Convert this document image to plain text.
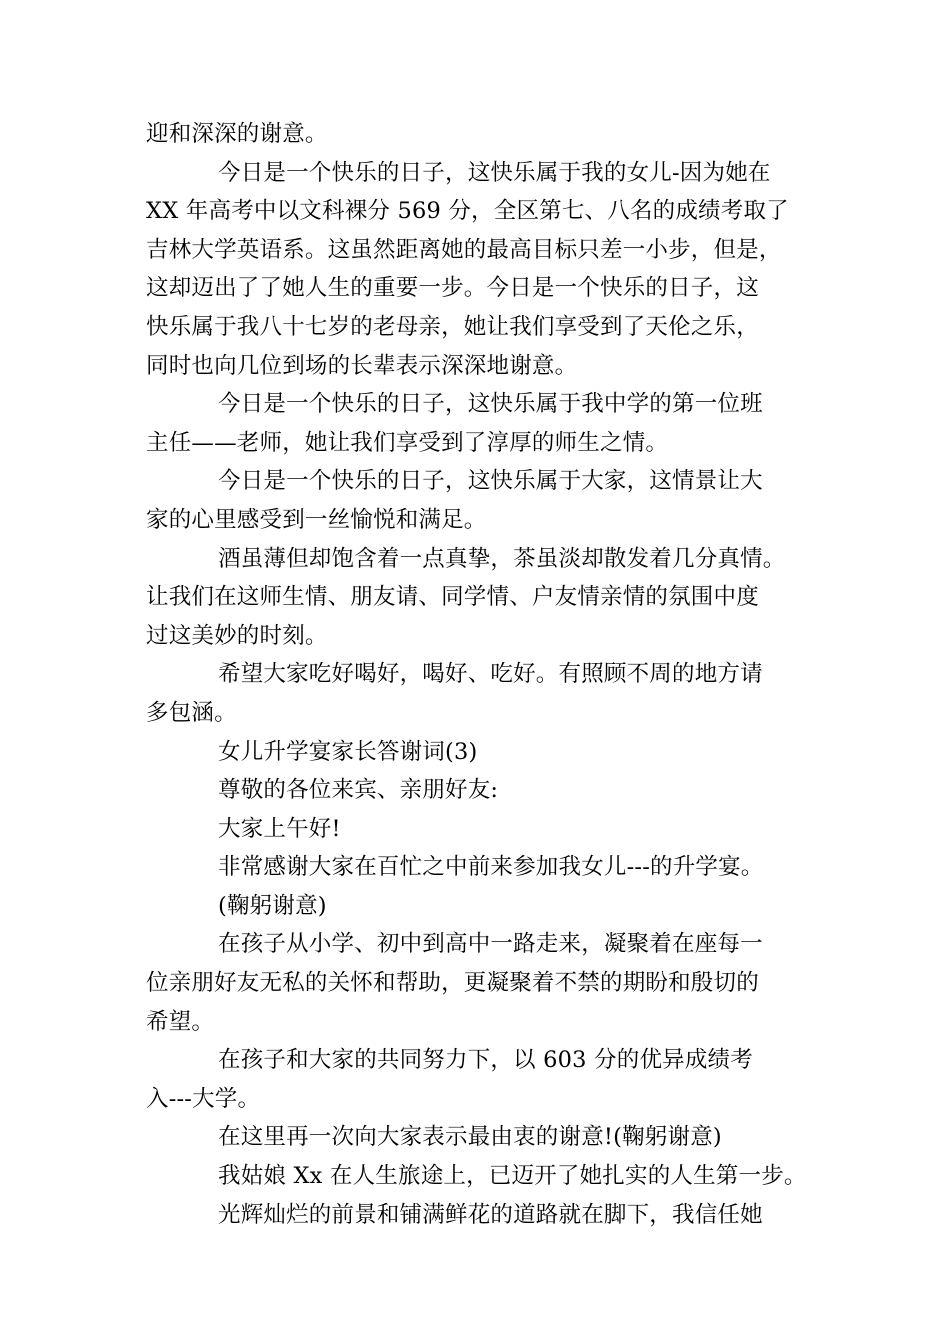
迎和深深的谢意。
今日是一个快乐的日子，这快乐属于我的女儿-因为她在
XX 年高考中以文科裸分 569 分，全区第七、八名的成绩考取了
吉林大学英语系。这虽然距离她的最高目标只差一小步，但是，
这却迈出了了她人生的重要一步。今日是一个快乐的日子，这
快乐属于我八十七岁的老母亲，她让我们享受到了天伦之乐，
同时也向几位到场的长辈表示深深地谢意。
今日是一个快乐的日子，这快乐属于我中学的第一位班
主任——老师，她让我们享受到了淳厚的师生之情。
今日是一个快乐的日子，这快乐属于大家，这情景让大
家的心里感受到一丝愉悦和满足。
酒虽薄但却饱含着一点真挚，茶虽淡却散发着几分真情。
让我们在这师生情、朋友请、同学情、户友情亲情的氛围中度
过这美妙的时刻。
希望大家吃好喝好，喝好、吃好。有照顾不周的地方请
多包涵。
女儿升学宴家长答谢词(3)
尊敬的各位来宾、亲朋好友:
大家上午好!
非常感谢大家在百忙之中前来参加我女儿---的升学宴。
(鞠躬谢意)
在孩子从小学、初中到高中一路走来，凝聚着在座每一
位亲朋好友无私的关怀和帮助，更凝聚着不禁的期盼和殷切的
希望。
在孩子和大家的共同努力下，以 603 分的优异成绩考
入---大学。
在这里再一次向大家表示最由衷的谢意!(鞠躬谢意)
我姑娘 Xx 在人生旅途上，已迈开了她扎实的人生第一步。
光辉灿烂的前景和铺满鲜花的道路就在脚下，我信任她
